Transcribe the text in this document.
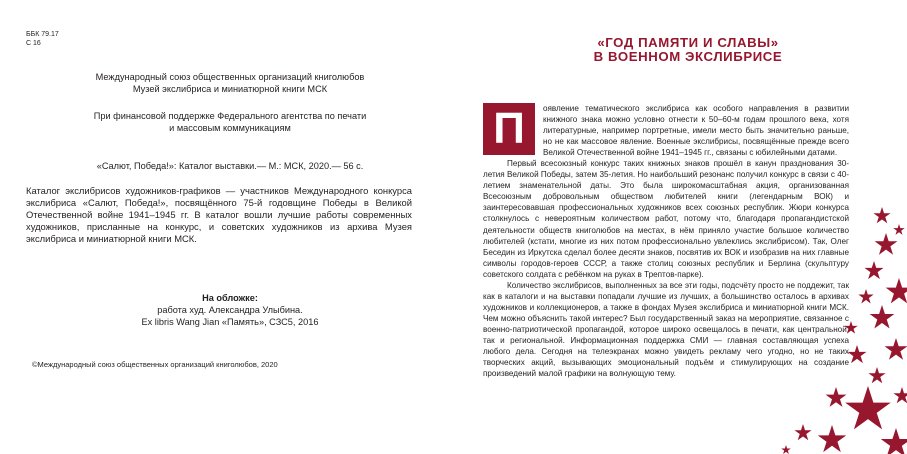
ББК 79.17
С 16
Международный союз общественных организаций книголюбов
Музей экслибриса и миниатюрной книги МСК
При финансовой поддержке Федерального агентства по печати
и массовым коммуникациям
«Салют, Победа!»: Каталог выставки.— М.: МСК, 2020.— 56 с.
Каталог экслибрисов художников-графиков — участников Международного конкурса экслибриса «Салют, Победа!», посвящённого 75-й годовщине Победы в Великой Отечественной войне 1941–1945 гг. В каталог вошли лучшие работы современных художников, присланные на конкурс, и советских художников из архива Музея экслибриса и миниатюрной книги МСК.
На обложке:
работа худ. Александра Улыбина.
Ex libris Wang Jian «Память», СЗС5, 2016
©Международный союз общественных организаций книголюбов, 2020
«ГОД ПАМЯТИ И СЛАВЫ»
В ВОЕННОМ ЭКСЛИБРИСЕ
П	оявление тематического экслибриса как особого направления в развитии книжного знака можно условно отнести к 50–60-м годам прошлого века, хотя литературные, например портретные, имели место быть значительно раньше, но не как массовое явление. Военные экслибрисы, посвящённые прежде всего Великой Отечественной войне 1941–1945 гг., связаны с юбилейными датами.

Первый всесоюзный конкурс таких книжных знаков прошёл в канун празднования 30-летия Великой Победы, затем 35-летия. Но наибольший резонанс получил конкурс в связи с 40-летием знаменательной даты. Это была широкомасштабная акция, организованная Всесоюзным добровольным обществом любителей книги (легендарным ВОК) и заинтересовавшая профессиональных художников всех союзных республик. Жюри конкурса столкнулось с невероятным количеством работ, потому что, благодаря пропагандистской деятельности обществ книголюбов на местах, в нём приняло участие большое количество любителей (кстати, многие из них потом профессионально увлеклись экслибрисом). Так, Олег Беседин из Иркутска сделал более десяти знаков, посвятив их ВОК и изобразив на них главные символы городов-героев СССР, а также столиц союзных республик и Берлина (скульптуру советского солдата с ребёнком на руках в Трептов-парке).

Количество экслибрисов, выполненных за все эти годы, подсчёту просто не поддежит, так как в каталоги и на выставки попадали лучшие из лучших, а большинство осталось в архивах художников и коллекционеров, а также в фондах Музея экслибриса и миниатюрной книги МСК. Чем можно объяснить такой интерес? Был государственный заказ на мероприятие, связанное с военно-патриотической пропагандой, которое широко освещалось в печати, как центральной, так и региональной. Информационная поддержка СМИ — главная составляющая успеха любого дела. Сегодня на телеэкранах можно увидеть рекламу чего угодно, но не таких творческих акций, вызывающих эмоциональный подъём и стимулирующих на создание произведений малой графики на волнующую тему.
